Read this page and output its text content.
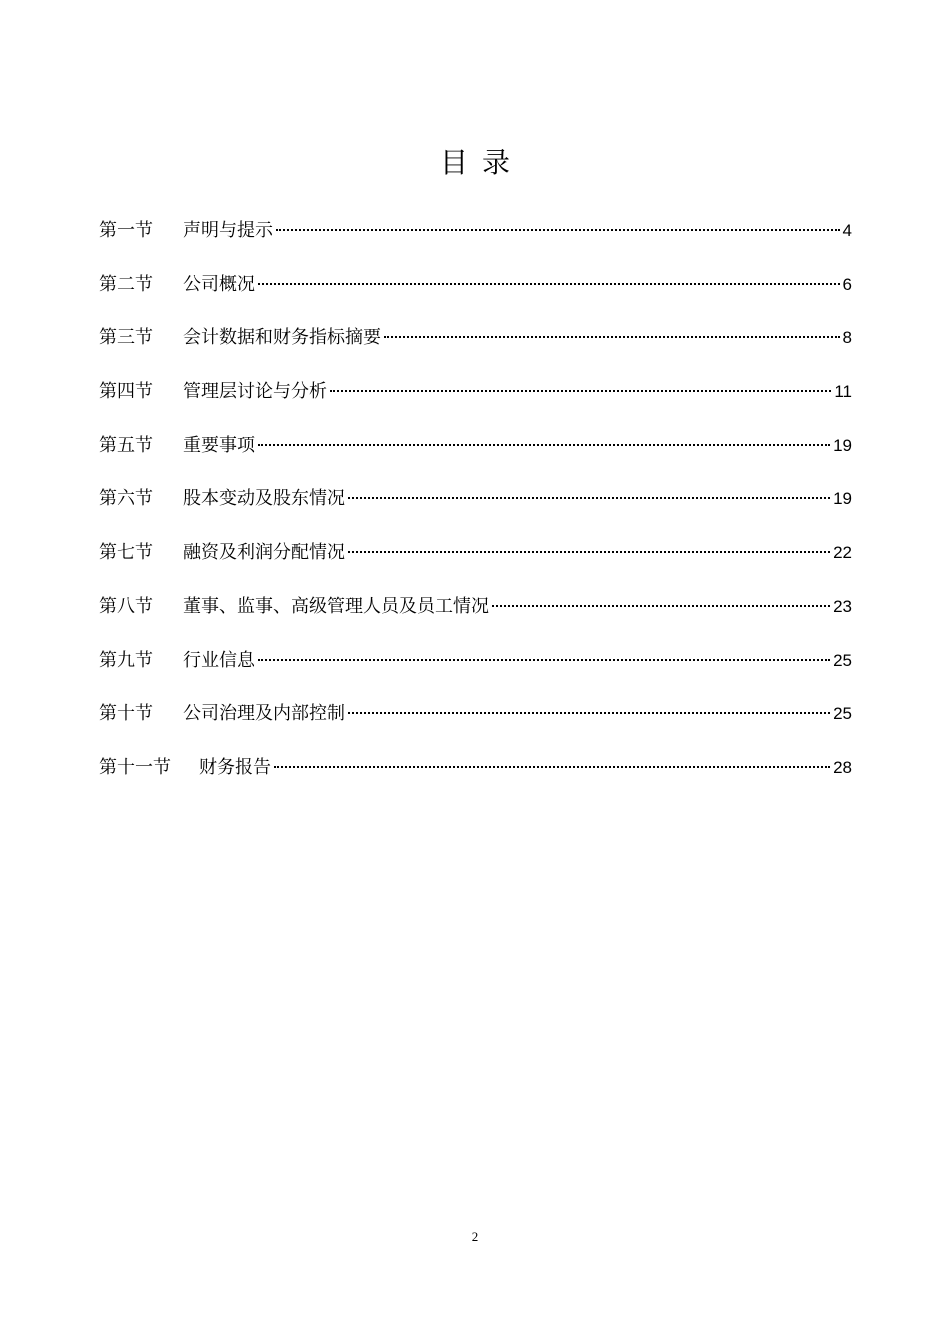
目录
第一节	声明与提示	4
第二节	公司概况	6
第三节	会计数据和财务指标摘要	8
第四节	管理层讨论与分析	11
第五节	重要事项	19
第六节	股本变动及股东情况	19
第七节	融资及利润分配情况	22
第八节	董事、监事、高级管理人员及员工情况	23
第九节	行业信息	25
第十节	公司治理及内部控制	25
第十一节	财务报告	28
2
